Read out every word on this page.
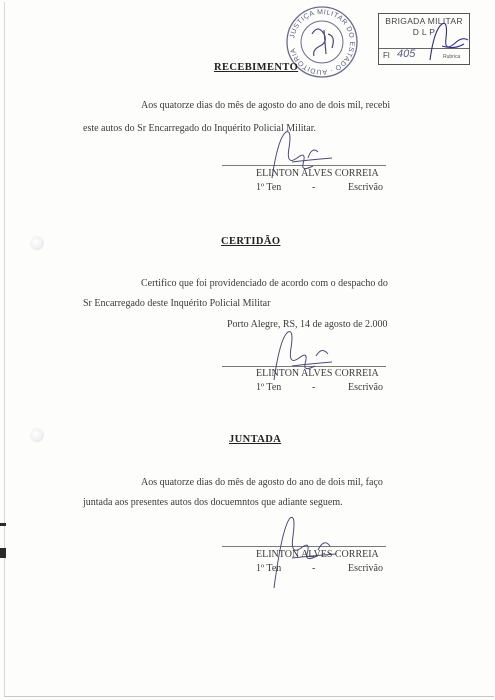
JUSTIÇA MILITAR DO ESTADO · AUDITORIA
BRIGADA MILITAR
D L P
Fl 405	Rubrica
RECEBIMENTO
Aos quatorze dias do mês de agosto do ano de dois mil, recebi
este autos do Sr Encarregado do Inquérito Policial Militar.
ELINTON ALVES CORREIA
1º Ten	-	Escrivão
CERTIDÃO
Certifico que foi providenciado de acordo com o despacho do
Sr Encarregado deste Inquérito Policial Militar
Porto Alegre, RS, 14 de agosto de 2.000
ELINTON ALVES CORREIA
1º Ten	-	Escrivão
JUNTADA
Aos quatorze dias do mês de agosto do ano de dois mil, faço
juntada aos presentes autos dos docuemntos que adiante seguem.
ELINTON ALVES CORREIA
1º Ten	-	Escrivão
